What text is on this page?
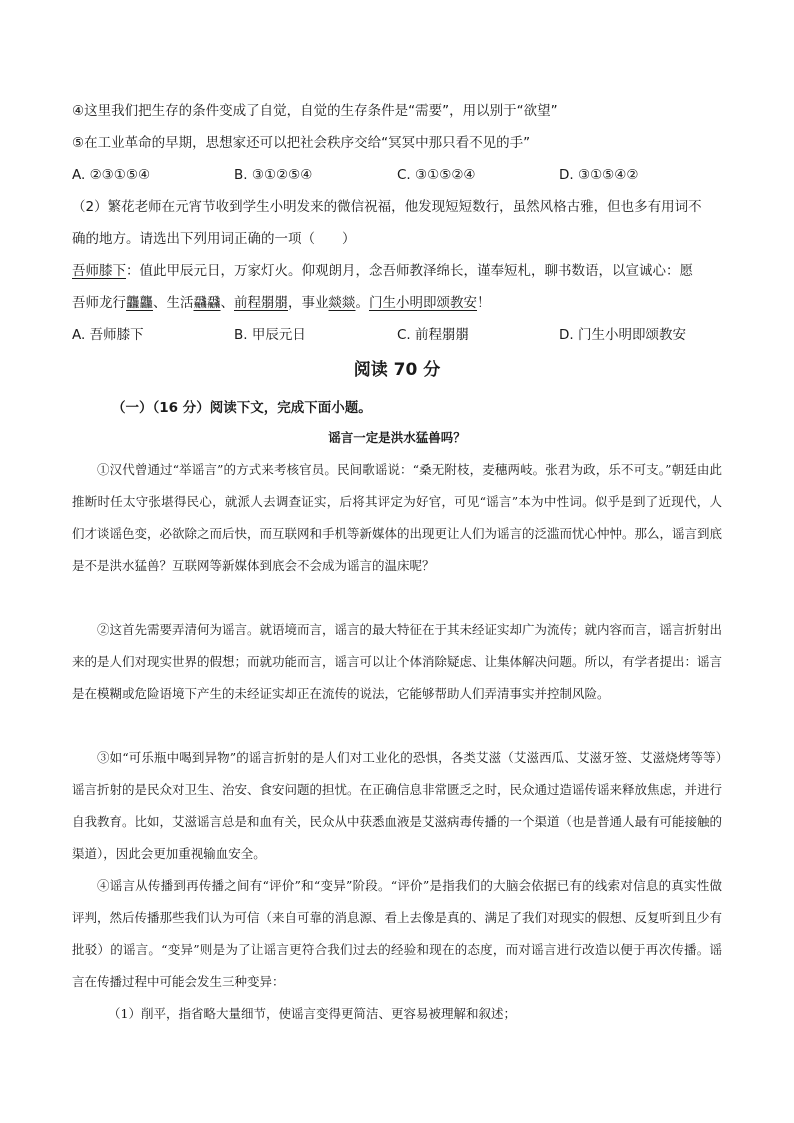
④这里我们把生存的条件变成了自觉，自觉的生存条件是“需要”，用以别于“欲望”
⑤在工业革命的早期，思想家还可以把社会秩序交给“冥冥中那只看不见的手”
A. ②③①⑤④	B. ③①②⑤④	C. ③①⑤②④	D. ③①⑤④②
（2）繁花老师在元宵节收到学生小明发来的微信祝福，他发现短短数行，虽然风格古雅，但也多有用词不
确的地方。请选出下列用词正确的一项（　　）
吾师膝下：值此甲辰元日，万家灯火。仰观朗月，念吾师教泽绵长，谨奉短札，聊书数语，以宣诚心：愿
吾师龙行龘龘、生活飝飝、前程朤朤，事业燚燚。门生小明即颂教安！
A. 吾师膝下	B. 甲辰元日	C. 前程朤朤	D. 门生小明即颂教安
阅读 70 分
（一）（16 分）阅读下文，完成下面小题。
谣言一定是洪水猛兽吗？

①汉代曾通过“举谣言”的方式来考核官员。民间歌谣说：“桑无附枝，麦穗两岐。张君为政，乐不可支。”朝廷由此推断时任太守张堪得民心，就派人去调查证实，后将其评定为好官，可见“谣言”本为中性词。似乎是到了近现代，人们才谈谣色变，必欲除之而后快，而互联网和手机等新媒体的出现更让人们为谣言的泛滥而忧心忡忡。那么，谣言到底是不是洪水猛兽？互联网等新媒体到底会不会成为谣言的温床呢？

②这首先需要弄清何为谣言。就语境而言，谣言的最大特征在于其未经证实却广为流传；就内容而言，谣言折射出来的是人们对现实世界的假想；而就功能而言，谣言可以让个体消除疑虑、让集体解决问题。所以，有学者提出：谣言是在模糊或危险语境下产生的未经证实却正在流传的说法，它能够帮助人们弄清事实并控制风险。

③如“可乐瓶中喝到异物”的谣言折射的是人们对工业化的恐惧，各类艾滋（艾滋西瓜、艾滋牙签、艾滋烧烤等等）谣言折射的是民众对卫生、治安、食安问题的担忧。在正确信息非常匮乏之时，民众通过造谣传谣来释放焦虑，并进行自我教育。比如，艾滋谣言总是和血有关，民众从中获悉血液是艾滋病毒传播的一个渠道（也是普通人最有可能接触的渠道），因此会更加重视输血安全。

④谣言从传播到再传播之间有“评价”和“变异”阶段。“评价”是指我们的大脑会依据已有的线索对信息的真实性做评判，然后传播那些我们认为可信（来自可靠的消息源、看上去像是真的、满足了我们对现实的假想、反复听到且少有批驳）的谣言。“变异”则是为了让谣言更符合我们过去的经验和现在的态度，而对谣言进行改造以便于再次传播。谣言在传播过程中可能会发生三种变异：

（1）削平，指省略大量细节，使谣言变得更简洁、更容易被理解和叙述；
